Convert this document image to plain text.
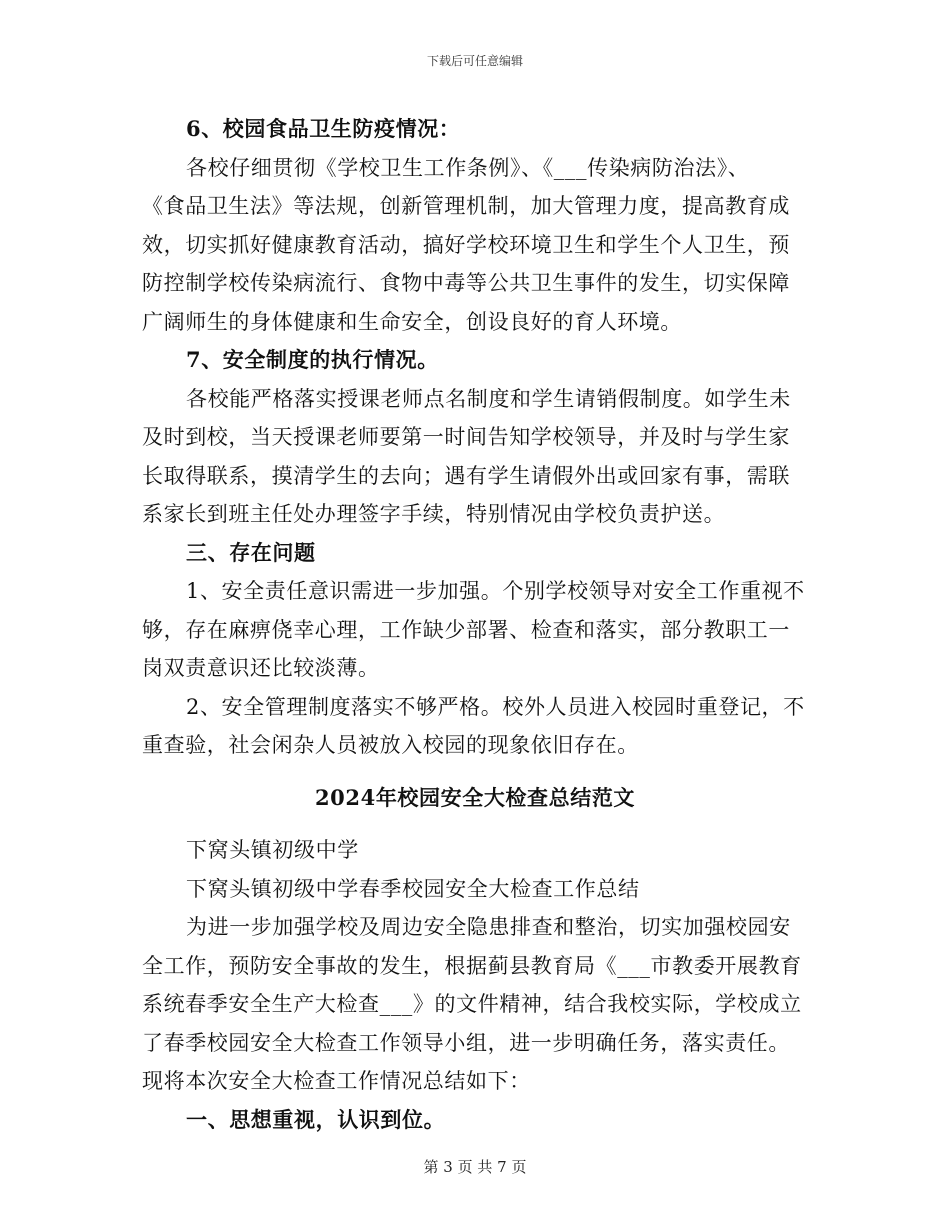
下载后可任意编辑
6、校园食品卫生防疫情况：
各校仔细贯彻《学校卫生工作条例》、《___传染病防治法》、
《食品卫生法》等法规，创新管理机制，加大管理力度，提高教育成
效，切实抓好健康教育活动，搞好学校环境卫生和学生个人卫生，预
防控制学校传染病流行、食物中毒等公共卫生事件的发生，切实保障
广阔师生的身体健康和生命安全，创设良好的育人环境。
7、安全制度的执行情况。
各校能严格落实授课老师点名制度和学生请销假制度。如学生未
及时到校，当天授课老师要第一时间告知学校领导，并及时与学生家
长取得联系，摸清学生的去向；遇有学生请假外出或回家有事，需联
系家长到班主任处办理签字手续，特别情况由学校负责护送。
三、存在问题
1、安全责任意识需进一步加强。个别学校领导对安全工作重视不
够，存在麻痹侥幸心理，工作缺少部署、检查和落实，部分教职工一
岗双责意识还比较淡薄。
2、安全管理制度落实不够严格。校外人员进入校园时重登记，不
重查验，社会闲杂人员被放入校园的现象依旧存在。
2024年校园安全大检查总结范文
下窝头镇初级中学
下窝头镇初级中学春季校园安全大检查工作总结
为进一步加强学校及周边安全隐患排查和整治，切实加强校园安
全工作，预防安全事故的发生，根据蓟县教育局《___市教委开展教育
系统春季安全生产大检查___》的文件精神，结合我校实际，学校成立
了春季校园安全大检查工作领导小组，进一步明确任务，落实责任。
现将本次安全大检查工作情况总结如下：
一、思想重视，认识到位。
第 3 页 共 7 页
